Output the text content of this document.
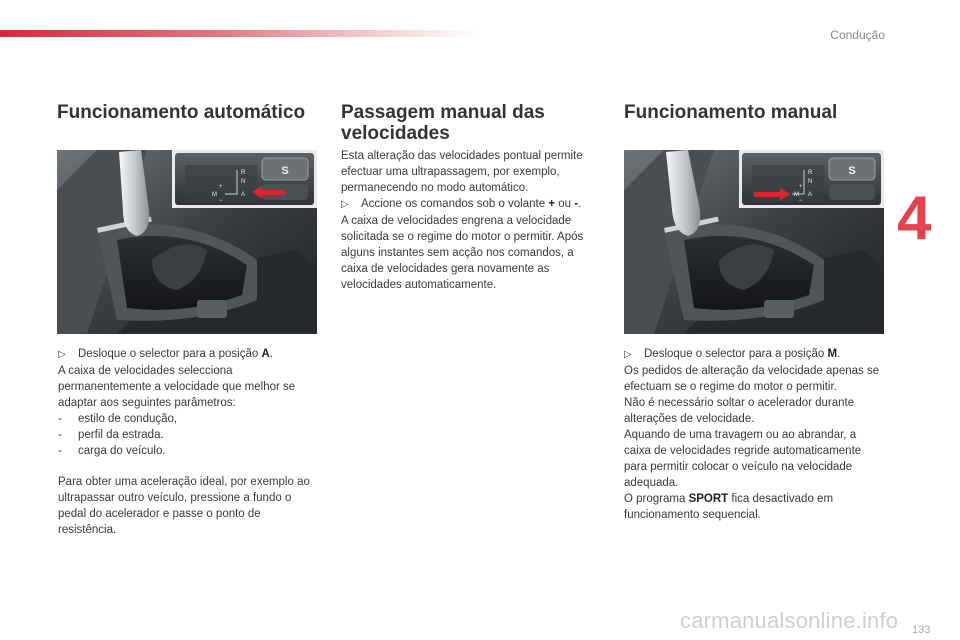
Condução
4
133
carmanualsonline.info
Funcionamento automático
S
R
N
A
M
+
−

▷ Desloque o selector para a posição A.

A caixa de velocidades selecciona permanentemente a velocidade que melhor se adaptar aos seguintes parâmetros:

- estilo de condução,

- perfil da estrada.

- carga do veículo.

Para obter uma aceleração ideal, por exemplo ao ultrapassar outro veículo, pressione a fundo o pedal do acelerador e passe o ponto de resistência.

Passagem manual das
velocidades

Esta alteração das velocidades pontual permite efectuar uma ultrapassagem, por exemplo, permanecendo no modo automático.

▷ Accione os comandos sob o volante + ou -.

A caixa de velocidades engrena a velocidade solicitada se o regime do motor o permitir. Após alguns instantes sem acção nos comandos, a caixa de velocidades gera novamente as velocidades automaticamente.

Funcionamento manual
S
R
N
A
M
+
−

▷ Desloque o selector para a posição M.

Os pedidos de alteração da velocidade apenas se efectuam se o regime do motor o permitir.

Não é necessário soltar o acelerador durante alterações de velocidade.

Aquando de uma travagem ou ao abrandar, a caixa de velocidades regride automaticamente para permitir colocar o veículo na velocidade adequada.

O programa SPORT fica desactivado em funcionamento sequencial.
